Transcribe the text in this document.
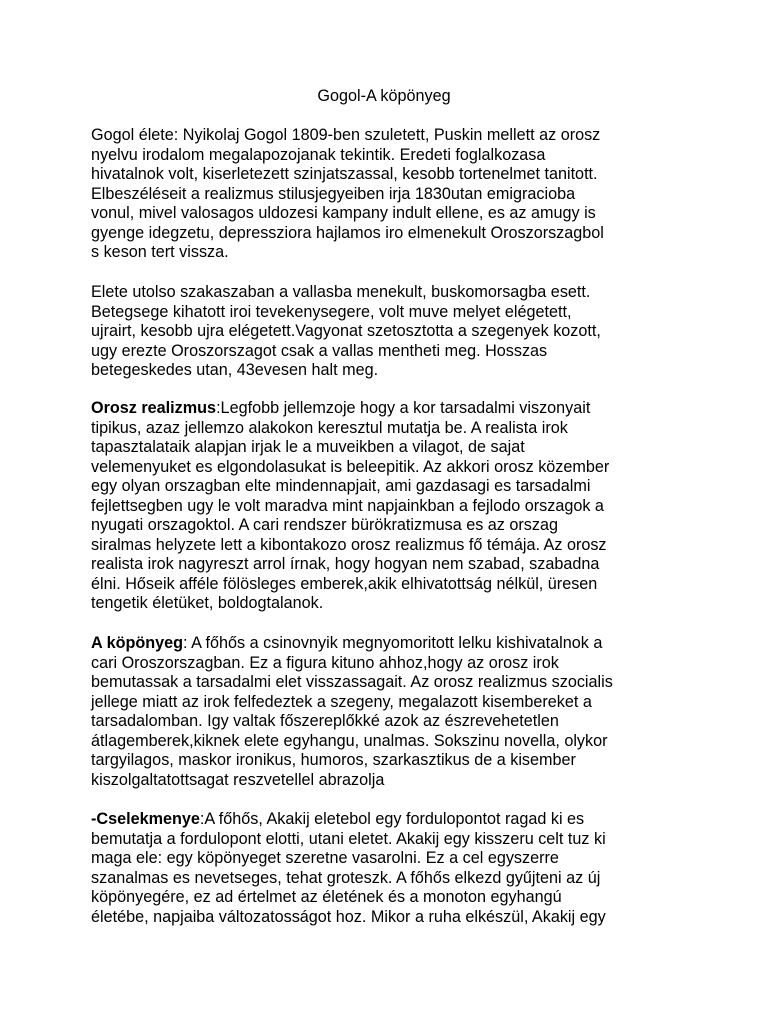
Gogol-A köpönyeg
Gogol élete: Nyikolaj Gogol 1809-ben szuletett, Puskin mellett az orosz
nyelvu irodalom megalapozojanak tekintik. Eredeti foglalkozasa
hivatalnok volt, kiserletezett szinjatszassal, kesobb tortenelmet tanitott.
Elbeszéléseit a realizmus stilusjegyeiben irja 1830utan emigracioba
vonul, mivel valosagos uldozesi kampany indult ellene, es az amugy is
gyenge idegzetu, depressziora hajlamos iro elmenekult Oroszorszagbol
s keson tert vissza.
Elete utolso szakaszaban a vallasba menekult, buskomorsagba esett.
Betegsege kihatott iroi tevekenysegere, volt muve melyet elégetett,
ujrairt, kesobb ujra elégetett.Vagyonat szetosztotta a szegenyek kozott,
ugy erezte Oroszorszagot csak a vallas mentheti meg. Hosszas
betegeskedes utan, 43evesen halt meg.
Orosz realizmus:Legfobb jellemzoje hogy a kor tarsadalmi viszonyait
tipikus, azaz jellemzo alakokon keresztul mutatja be. A realista irok
tapasztalataik alapjan irjak le a muveikben a vilagot, de sajat
velemenyuket es elgondolasukat is beleepitik. Az akkori orosz közember
egy olyan orszagban elte mindennapjait, ami gazdasagi es tarsadalmi
fejlettsegben ugy le volt maradva mint napjainkban a fejlodo orszagok a
nyugati orszagoktol. A cari rendszer bürökratizmusa es az orszag
siralmas helyzete lett a kibontakozo orosz realizmus fő témája. Az orosz
realista irok nagyreszt arrol írnak, hogy hogyan nem szabad, szabadna
élni. Hőseik afféle fölösleges emberek,akik elhivatottság nélkül, üresen
tengetik életüket, boldogtalanok.
A köpönyeg: A főhős a csinovnyik megnyomoritott lelku kishivatalnok a
cari Oroszorszagban. Ez a figura kituno ahhoz,hogy az orosz irok
bemutassak a tarsadalmi elet visszassagait. Az orosz realizmus szocialis
jellege miatt az irok felfedeztek a szegeny, megalazott kisembereket a
tarsadalomban. Igy valtak főszereplőkké azok az észrevehetetlen
átlagemberek,kiknek elete egyhangu, unalmas. Sokszinu novella, olykor
targyilagos, maskor ironikus, humoros, szarkasztikus de a kisember
kiszolgaltatottsagat reszvetellel abrazolja
-Cselekmenye:A főhős, Akakij eletebol egy fordulopontot ragad ki es
bemutatja a fordulopont elotti, utani eletet. Akakij egy kisszeru celt tuz ki
maga ele: egy köpönyeget szeretne vasarolni. Ez a cel egyszerre
szanalmas es nevetseges, tehat groteszk. A főhős elkezd gyűjteni az új
köpönyegére, ez ad értelmet az életének és a monoton egyhangú
életébe, napjaiba változatosságot hoz. Mikor a ruha elkészül, Akakij egy
